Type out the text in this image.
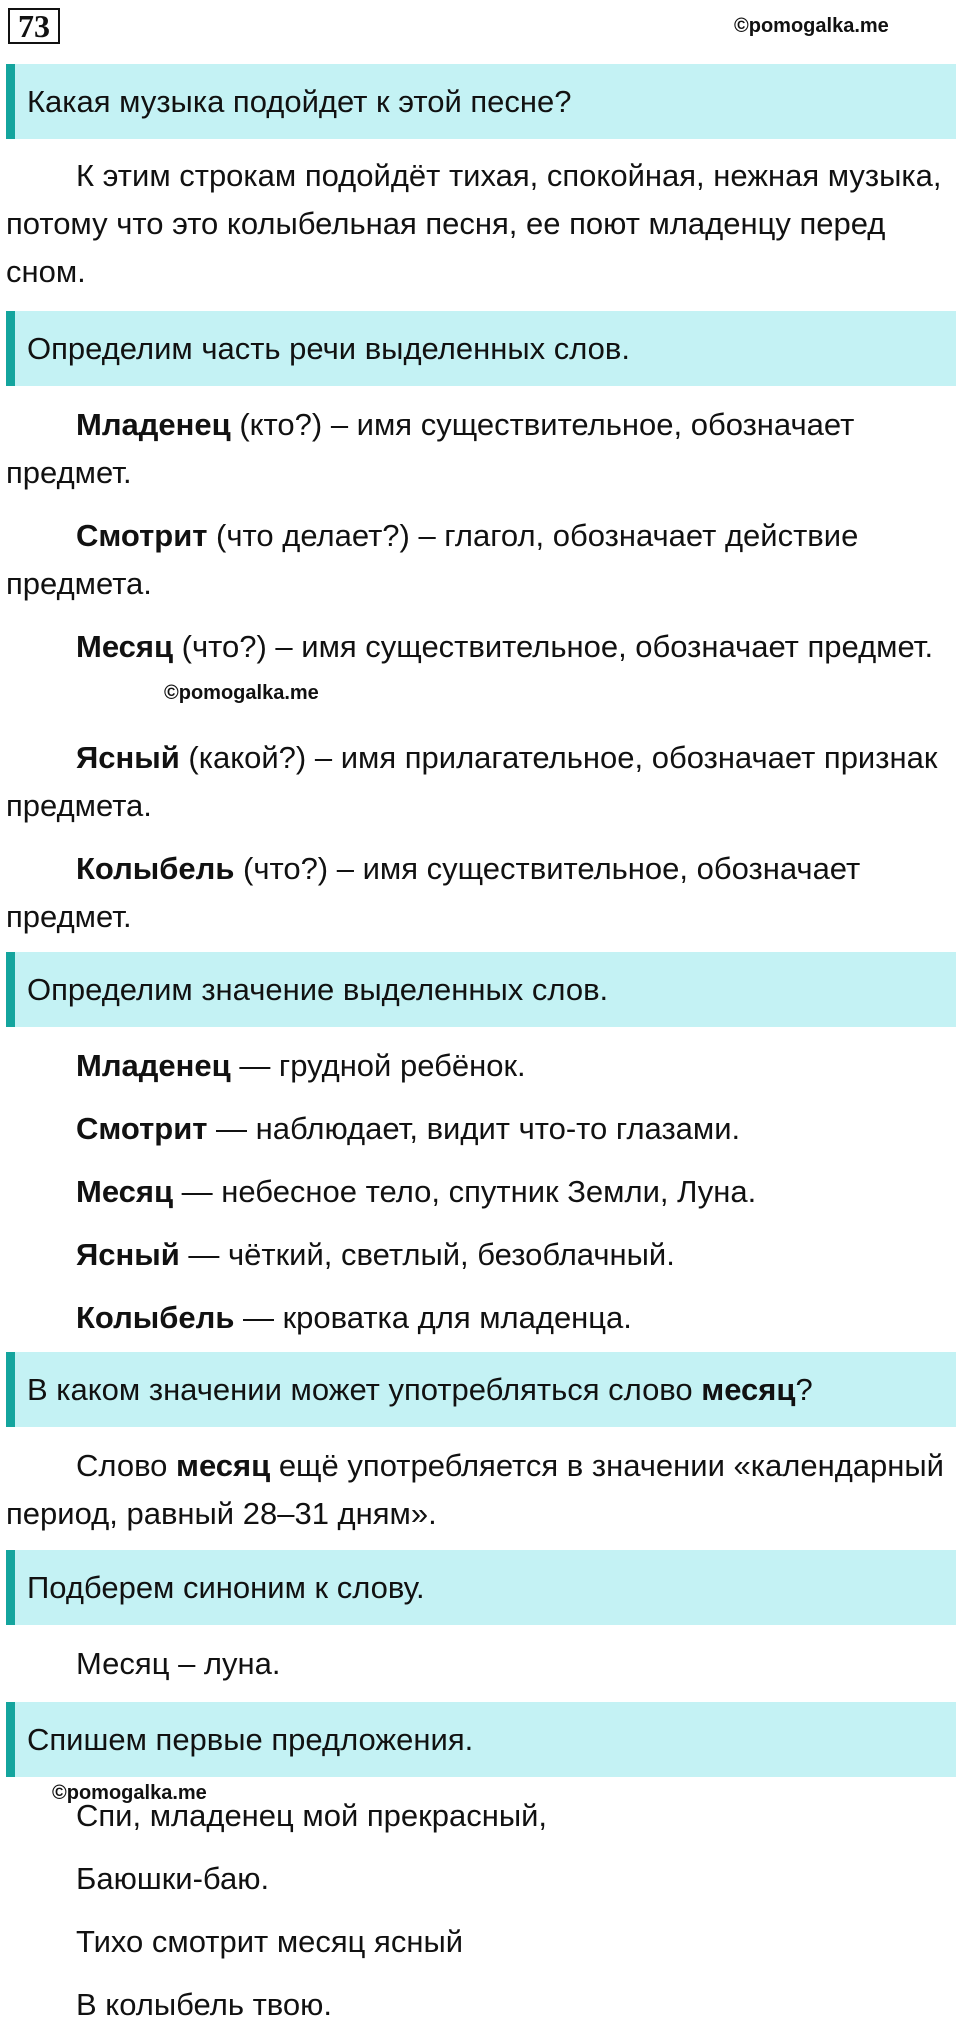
73	©pomogalka.me
Какая музыка подойдет к этой песне?

К этим строкам подойдёт тихая, спокойная, нежная музыка, потому что это колыбельная песня, ее поют младенцу перед сном.

Определим часть речи выделенных слов.

Младенец (кто?) – имя существительное, обозначает предмет.

Смотрит (что делает?) – глагол, обозначает действие предмета.

Месяц (что?) – имя существительное, обозначает предмет.

©pomogalka.me

Ясный (какой?) – имя прилагательное, обозначает признак предмета.

Колыбель (что?) – имя существительное, обозначает предмет.

Определим значение выделенных слов.
Младенец — грудной ребёнок.
Смотрит — наблюдает, видит что-то глазами.
Месяц — небесное тело, спутник Земли, Луна.
Ясный — чёткий, светлый, безоблачный.
Колыбель — кроватка для младенца.
В каком значении может употребляться слово месяц?

Слово месяц ещё употребляется в значении «календарный период, равный 28–31 дням».

Подберем синоним к слову.
Месяц – луна.
Спишем первые предложения.
©pomogalka.me
Спи, младенец мой прекрасный,
Баюшки-баю.
Тихо смотрит месяц ясный
В колыбель твою.
